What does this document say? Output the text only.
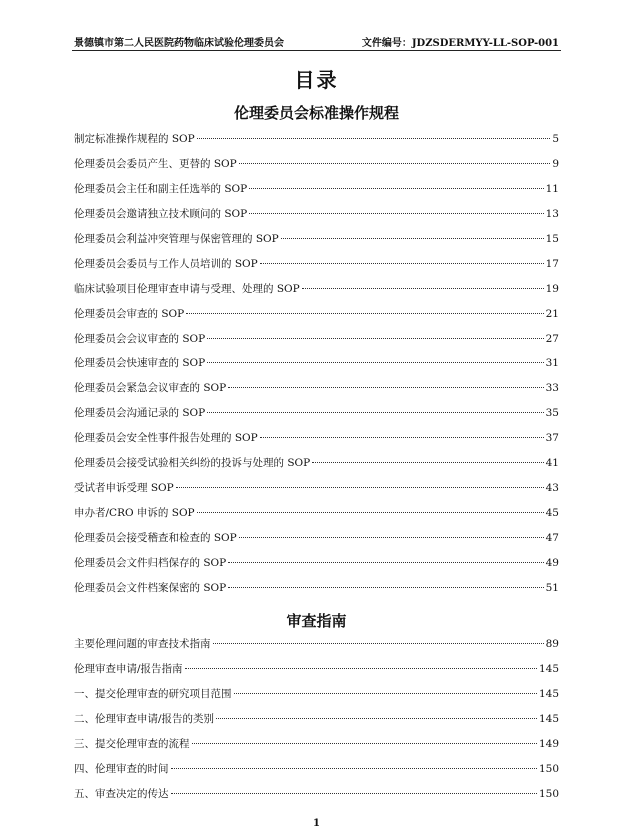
景德镇市第二人民医院药物临床试验伦理委员会	文件编号：JDZSDERMYY-LL-SOP-001
目录
伦理委员会标准操作规程
制定标准操作规程的 SOP	5
伦理委员会委员产生、更替的 SOP	9
伦理委员会主任和副主任选举的 SOP	11
伦理委员会邀请独立技术顾问的 SOP	13
伦理委员会利益冲突管理与保密管理的 SOP	15
伦理委员会委员与工作人员培训的 SOP	17
临床试验项目伦理审查申请与受理、处理的 SOP	19
伦理委员会审查的 SOP	21
伦理委员会会议审查的 SOP	27
伦理委员会快速审查的 SOP	31
伦理委员会紧急会议审查的 SOP	33
伦理委员会沟通记录的 SOP	35
伦理委员会安全性事件报告处理的 SOP	37
伦理委员会接受试验相关纠纷的投诉与处理的 SOP	41
受试者申诉受理 SOP	43
申办者/CRO 申诉的 SOP	45
伦理委员会接受稽查和检查的 SOP	47
伦理委员会文件归档保存的 SOP	49
伦理委员会文件档案保密的 SOP	51
审查指南
主要伦理问题的审查技术指南	89
伦理审查申请/报告指南	145
一、提交伦理审查的研究项目范围	145
二、伦理审查申请/报告的类别	145
三、提交伦理审查的流程	149
四、伦理审查的时间	150
五、审查决定的传达	150
1
